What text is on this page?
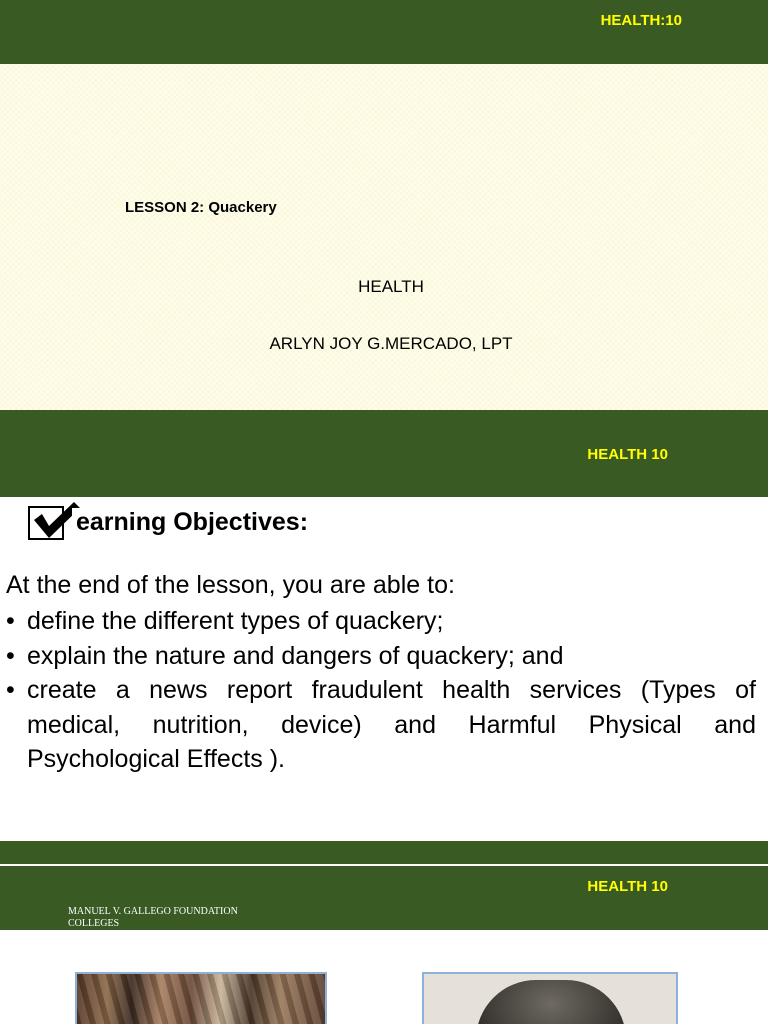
HEALTH:10
LESSON 2: Quackery
HEALTH
ARLYN JOY G.MERCADO, LPT
HEALTH 10
earning Objectives:
At the end of the lesson, you are able to:
• define the different types of quackery;
• explain the nature and dangers of quackery; and
• create a news report fraudulent health services (Types of medical, nutrition, device) and Harmful Physical and Psychological Effects ).
HEALTH 10
MANUEL V. GALLEGO FOUNDATION COLLEGES
